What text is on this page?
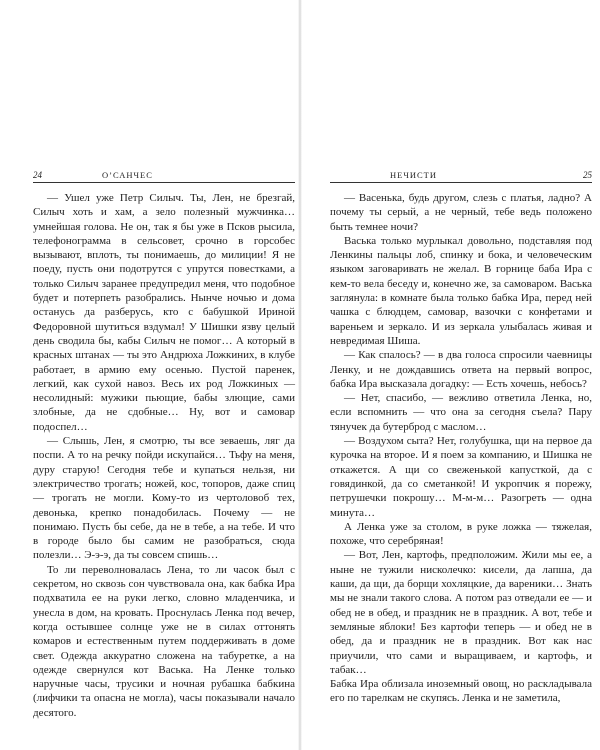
24	О’САНЧЕС

— Ушел уже Петр Силыч. Ты, Лен, не брезгай, Силыч хоть и хам, а зело полезный мужчинка… умнейшая голова. Не он, так я бы уже в Псков рысила, телефонограмма в сельсовет, срочно в горсобес вызывают, вплоть, ты понимаешь, до милиции! Я не поеду, пусть они подотрутся с упрутся повестками, а только Силыч заранее предупредил меня, что подобное будет и потерпеть разобрались. Нынче ночью и дома останусь да разберусь, кто с бабушкой Ириной Федоровной шутиться вздумал! У Шишки язву целый день сводила бы, кабы Силыч не помог… А который в красных штанах — ты это Андрюха Ложкиних, в клубе работает, в армию ему осенью. Пустой паренек, легкий, как сухой навоз. Весь их род Ложкиных — несолидный: мужики пьющие, бабы злющие, сами злобные, да не сдобные… Ну, вот и самовар подоспел…

— Слышь, Лен, я смотрю, ты все зеваешь, ляг да поспи. А то на речку пойди искупайся… Тьфу на меня, дуру старую! Сегодня тебе и купаться нельзя, ни электричество трогать; ножей, кос, топоров, даже спиц — трогать не могли. Кому-то из чертоловоб тех, девонька, крепко понадобилась. Почему — не понимаю. Пусть бы себе, да не в тебе, а на тебе. И что в городе было бы самим не разобраться, сюда полезли… Э-э-э, да ты совсем спишь…

То ли переволновалась Лена, то ли часок был с секретом, но сквозь сон чувствовала она, как бабка Ира подхватила ее на руки легко, словно младенчика, и унесла в дом, на кровать. Проснулась Ленка под вечер, когда остывшее солнце уже не в силах оттонять комаров и естественным путем поддерживать в доме свет. Одежда аккуратно сложена на табуретке, а на одежде свернулся кот Васька. На Ленке только наручные часы, трусики и ночная рубашка бабкина (лифчики та опасна не могла), часы показывали начало десятого.

НЕЧИСТИ	25

— Васенька, будь другом, слезь с платья, ладно? А почему ты серый, а не черный, тебе ведь положено быть темнее ночи?

Васька только мурлыкал довольно, подставляя под Ленкины пальцы лоб, спинку и бока, и человеческим языком заговаривать не желал. В горнице баба Ира с кем-то вела беседу и, конечно же, за самоваром. Васька заглянула: в комнате была только бабка Ира, перед ней чашка с блюдцем, самовар, вазочки с конфетами и вареньем и зеркало. И из зеркала улыбалась живая и невредимая Шиша.

— Как спалось? — в два голоса спросили чаевницы Ленку, и не дождавшись ответа на первый вопрос, бабка Ира высказала догадку: — Есть хочешь, небось?

— Нет, спасибо, — вежливо ответила Ленка, но, если вспомнить — что она за сегодня съела? Пару тянучек да бутерброд с маслом…

— Воздухом сыта? Нет, голубушка, щи на первое да курочка на второе. И я поем за компанию, и Шишка не откажется. А щи со свеженькой капусткой, да с говядинкой, да со сметанкой! И укропчик я порежу, петрушечки покрошу… М-м-м… Разогреть — одна минута…

А Ленка уже за столом, в руке ложка — тяжелая, похоже, что серебряная!

— Вот, Лен, картофь, предположим. Жили мы ее, а ныне не тужили нисколечко: кисели, да лапша, да каши, да щи, да борщи хохляцкие, да вареники… Знать мы не знали такого слова. А потом раз отведали ее — и обед не в обед, и праздник не в праздник. А вот, тебе и земляные яблоки! Без картофи теперь — и обед не в обед, да и праздник не в праздник. Вот как нас приучили, что сами и выращиваем, и картофь, и табак…

Бабка Ира облизала иноземный овощ, но раскладывала его по тарелкам не скупясь. Ленка и не заметила,
